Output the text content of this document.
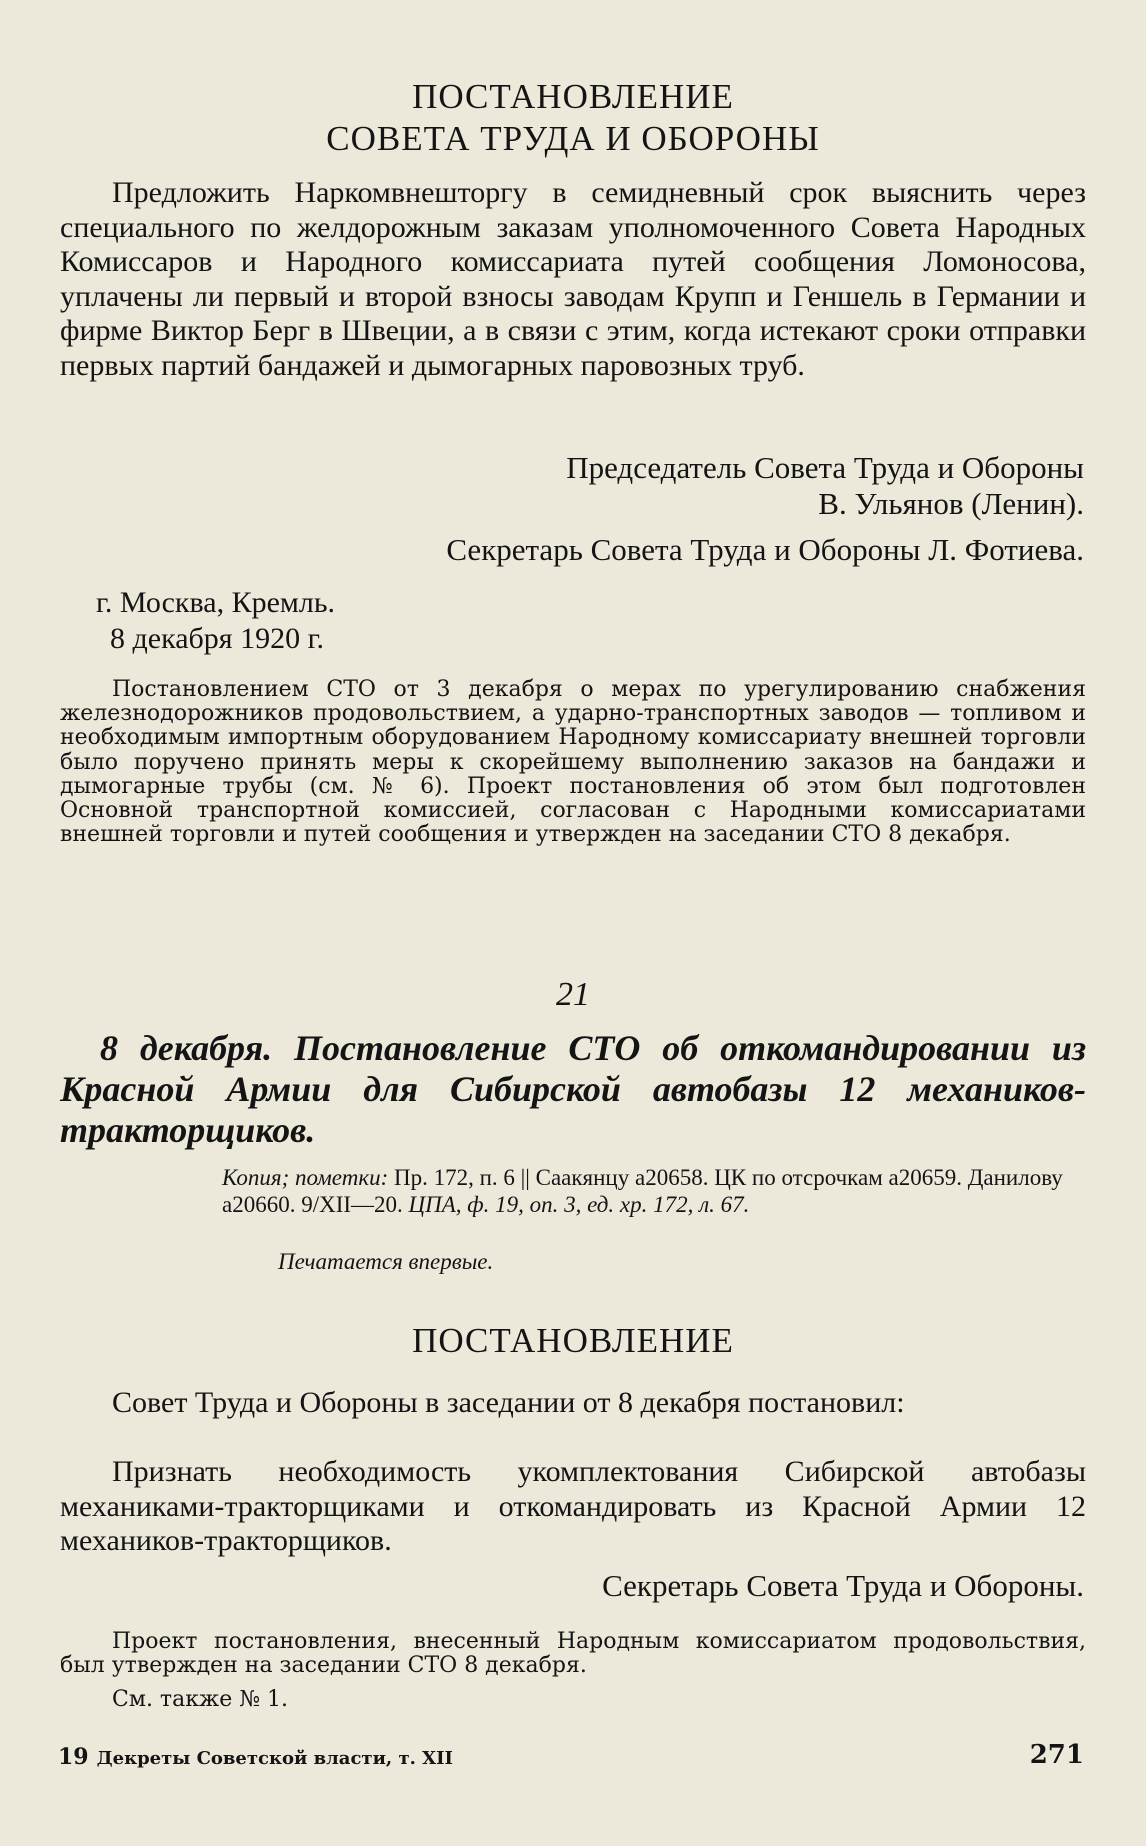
ПОСТАНОВЛЕНИЕ
СОВЕТА ТРУДА И ОБОРОНЫ

Предложить Наркомвнешторгу в семидневный срок выяснить через специального по желдорожным заказам уполномоченного Совета Народных Комиссаров и Народного комиссариата путей сообщения Ломоносова, уплачены ли первый и второй взносы заводам Крупп и Геншель в Германии и фирме Виктор Берг в Швеции, а в связи с этим, когда истекают сроки отправки первых партий бандажей и дымогарных паровозных труб.

Председатель Совета Труда и Обороны
В. Ульянов (Ленин).
Секретарь Совета Труда и Обороны Л. Фотиева.
г. Москва, Кремль.
8 декабря 1920 г.

Постановлением СТО от 3 декабря о мерах по урегулированию снабжения железнодорожников продовольствием, а ударно-транспортных заводов — топливом и необходимым импортным оборудованием Народному комиссариату внешней торговли было поручено принять меры к скорейшему выполнению заказов на бандажи и дымогарные трубы (см. № 6). Проект постановления об этом был подготовлен Основной транспортной комиссией, согласован с Народными комиссариатами внешней торговли и путей сообщения и утвержден на заседании СТО 8 декабря.

21

8 декабря. Постановление СТО об откомандировании из Красной Армии для Сибирской автобазы 12 механиков-тракторщиков.

Копия; пометки: Пр. 172, п. 6 || Саакянцу а20658. ЦК по отсрочкам а20659. Данилову а20660. 9/XII—20. ЦПА, ф. 19, оп. 3, ед. хр. 172, л. 67.

Печатается впервые.

ПОСТАНОВЛЕНИЕ

Совет Труда и Обороны в заседании от 8 декабря постановил:

Признать необходимость укомплектования Сибирской автобазы механиками-тракторщиками и откомандировать из Красной Армии 12 механиков-тракторщиков.

Секретарь Совета Труда и Обороны.

Проект постановления, внесенный Народным комиссариатом продовольствия, был утвержден на заседании СТО 8 декабря.

См. также № 1.

19 Декреты Советской власти, т. XII	271
